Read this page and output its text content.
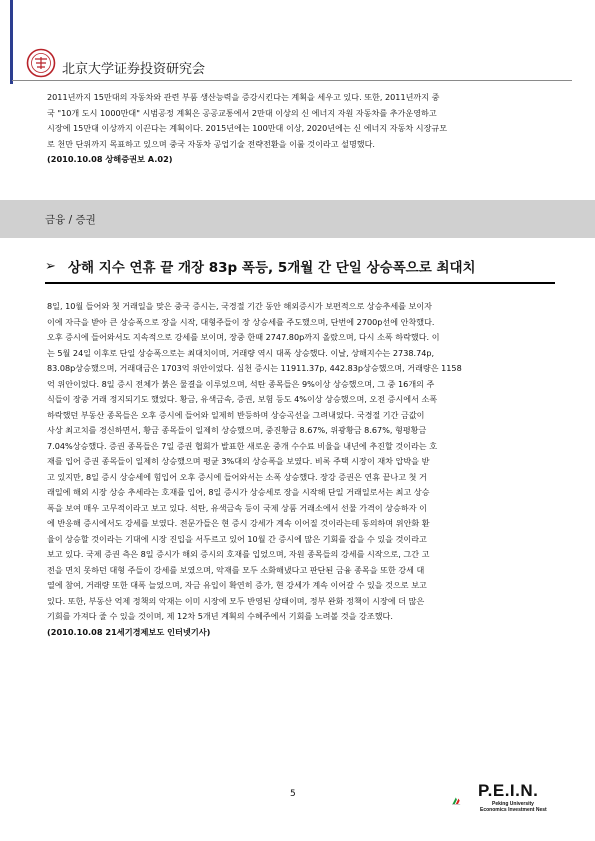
北京大学证券投资研究会

2011년까지 15만대의 자동차와 관련 부품 생산능력을 증강시킨다는 계획을 세우고 있다. 또한, 2011년까지 중

국 "10개 도시 1000만대" 시범공정 계획은 공공교통에서 2만대 이상의 신 에너지 자원 자동차를 추가운영하고

시장에 15만대 이상까지 이끈다는 계획이다. 2015년에는 100만대 이상, 2020년에는 신 에너지 자동차 시장규모

로 천만 단위까지 목표하고 있으며 중국 자동차 공업기술 전략전환을 이룰 것이라고 설명했다.

(2010.10.08 상해증권보 A.02)

금융 / 증권
➢ 상해 지수 연휴 끝 개장 83p 폭등, 5개월 간 단일 상승폭으로 최대치

8일, 10월 들어와 첫 거래일을 맞은 중국 증시는, 국경절 기간 동안 해외증시가 보편적으로 상승추세를 보이자

이에 자극을 받아 큰 상승폭으로 장을 시작, 대형주들이 장 상승세를 주도했으며, 단번에 2700p선에 안착했다.

오후 증시에 들어와서도 지속적으로 강세를 보이며, 장중 한때 2747.80p까지 올랐으며, 다시 소폭 하락했다. 이

는 5월 24일 이후로 단일 상승폭으로는 최대치이며, 거래량 역시 대폭 상승했다. 이날, 상해지수는 2738.74p,

83.08p상승했으며, 거래대금은 1703억 위안이었다. 심천 증시는 11911.37p, 442.83p상승했으며, 거래량은 1158

억 위안이었다. 8일 증시 전체가 붉은 물결을 이루었으며, 석탄 종목들은 9%이상 상승했으며, 그 중 16개의 주

식들이 장중 거래 정지되기도 했었다. 황금, 유색금속, 증권, 보험 등도 4%이상 상승했으며, 오전 증시에서 소폭

하락했던 부동산 종목들은 오후 증시에 들어와 일제히 반등하며 상승곡선을 그려내었다. 국경절 기간 금값이

사상 최고치를 경신하면서, 황금 종목들이 일제히 상승했으며, 중진황금 8.67%, 위광황금 8.67%, 형평황금

7.04%상승했다. 증권 종목들은 7일 증권 협회가 발표한 새로운 중개 수수료 비율을 내년에 추진할 것이라는 호

재를 입어 증권 종목들이 일제히 상승했으며 평균 3%대의 상승폭을 보였다. 비록 주택 시장이 재차 압박을 받

고 있지만, 8일 증시 상승세에 힘입어 오후 증시에 들어와서는 소폭 상승했다. 장강 증권은 연휴 끝나고 첫 거

래일에 해외 시장 상승 추세라는 호재를 입어, 8일 증시가 상승세로 장을 시작해 단일 거래일로서는 최고 상승

폭을 보여 매우 고무적이라고 보고 있다. 석탄, 유색금속 등이 국제 상품 거래소에서 선물 가격이 상승하자 이

에 반응해 증시에서도 강세를 보였다. 전문가들은 현 증시 강세가 계속 이어질 것이라는데 동의하며 위안화 환

율이 상승할 것이라는 기대에 시장 진입을 서두르고 있어 10월 간 증시에 많은 기회를 잡을 수 있을 것이라고

보고 있다. 국제 증권 측은 8일 증시가 해외 증시의 호재를 입었으며, 자원 종목들의 강세를 시작으로, 그간 고

전을 면치 못하던 대형 주들이 강세를 보였으며, 악재를 모두 소화해냈다고 판단된 금융 종목을 또한 강세 대

열에 참여, 거래량 또한 대폭 늘었으며, 자금 유입이 확연히 증가, 현 강세가 계속 이어갈 수 있을 것으로 보고

있다. 또한, 부동산 억제 정책의 악재는 이미 시장에 모두 반영된 상태이며, 정부 완화 정책이 시장에 더 많은

기회를 가져다 줄 수 있을 것이며, 제 12차 5개년 계획의 수혜주에서 기회를 노려볼 것을 강조했다.

(2010.10.08 21세기경제보도 인터넷기사)

5	P.E.I.N.
Peking University
Economics Investment Nest
